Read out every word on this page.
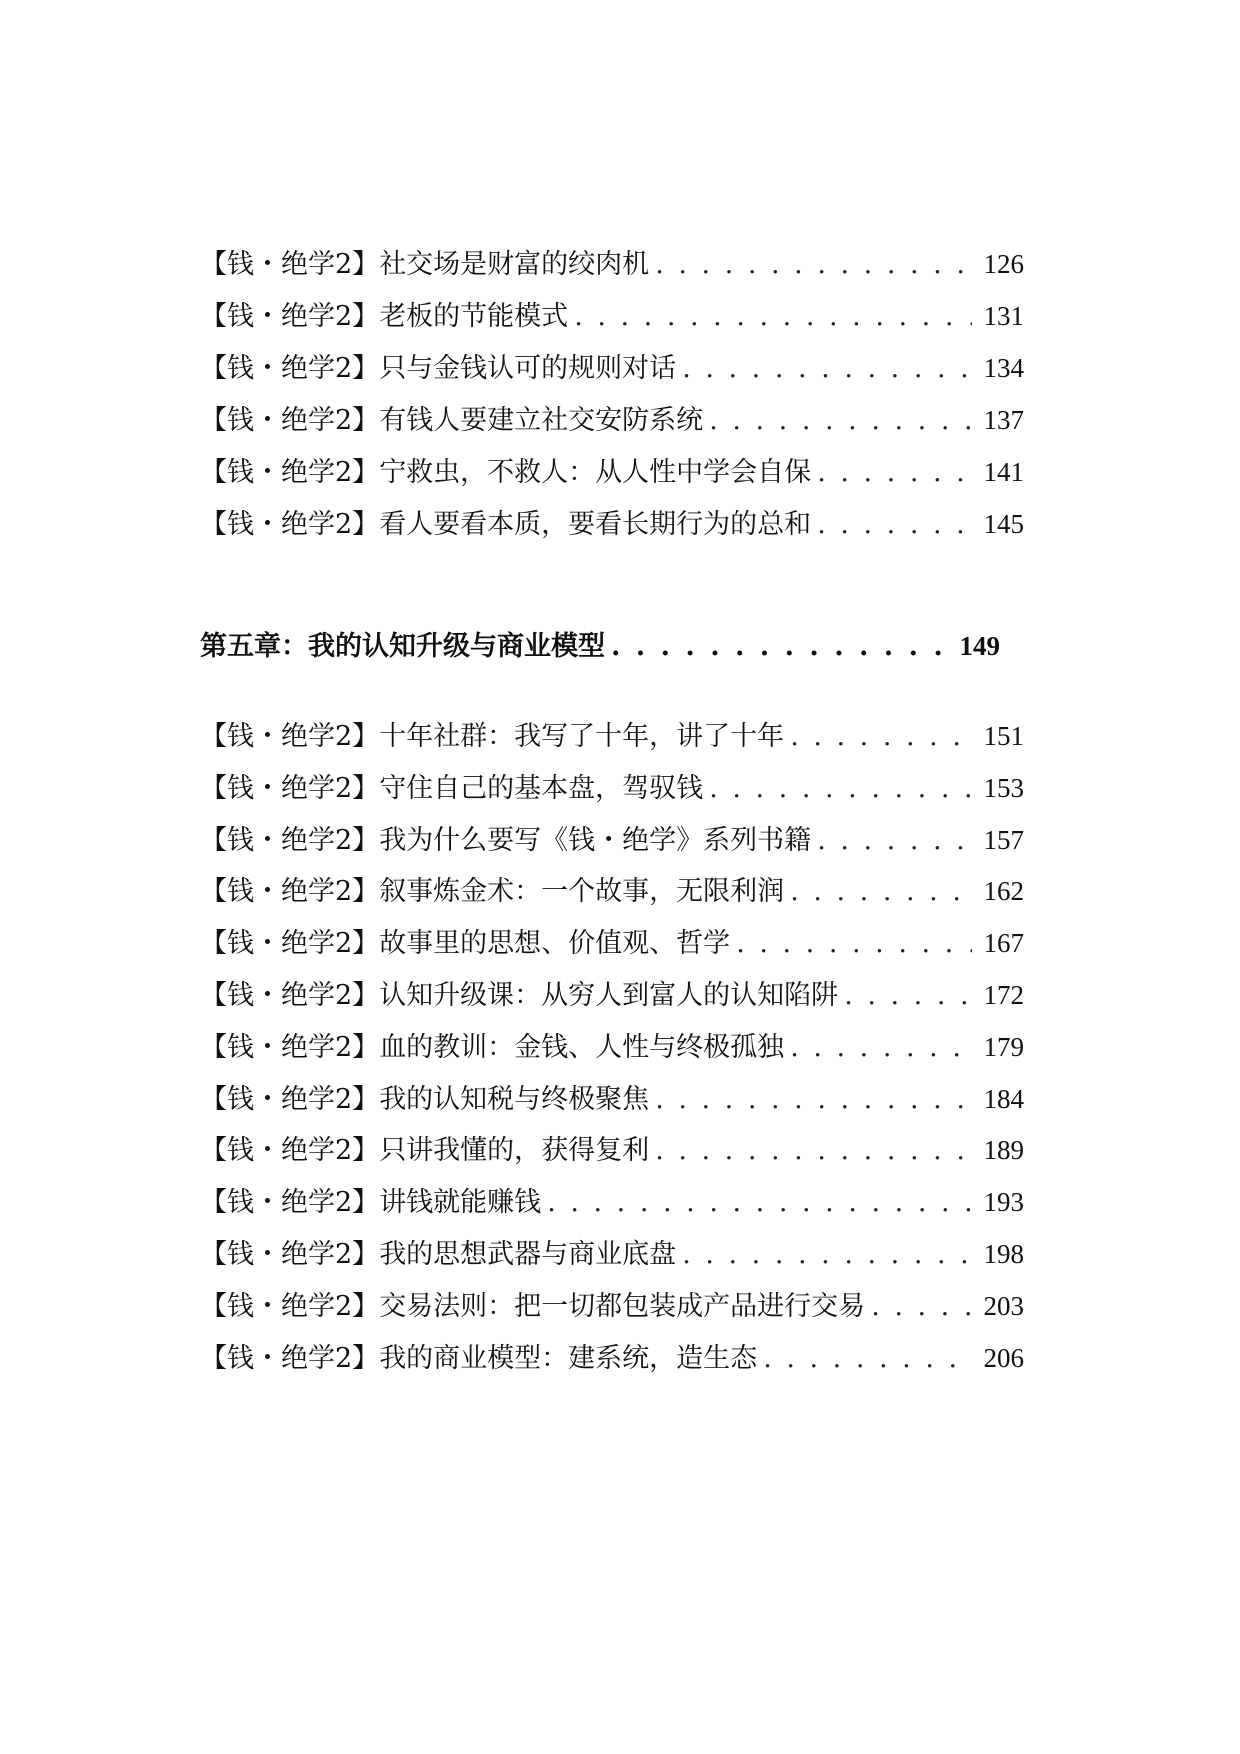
【钱・绝学2】社交场是财富的绞肉机 . . .	126
【钱・绝学2】老板的节能模式 . . .	131
【钱・绝学2】只与金钱认可的规则对话 . . .	134
【钱・绝学2】有钱人要建立社交安防系统 . . .	137
【钱・绝学2】宁救虫，不救人：从人性中学会自保 . . .	141
【钱・绝学2】看人要看本质，要看长期行为的总和 . . .	145
第五章：我的认知升级与商业模型 . . .	149
【钱・绝学2】十年社群：我写了十年，讲了十年 . . .	151
【钱・绝学2】守住自己的基本盘，驾驭钱 . . .	153
【钱・绝学2】我为什么要写《钱・绝学》系列书籍 . . .	157
【钱・绝学2】叙事炼金术：一个故事，无限利润 . . .	162
【钱・绝学2】故事里的思想、价值观、哲学 . . .	167
【钱・绝学2】认知升级课：从穷人到富人的认知陷阱 . . .	172
【钱・绝学2】血的教训：金钱、人性与终极孤独 . . .	179
【钱・绝学2】我的认知税与终极聚焦 . . .	184
【钱・绝学2】只讲我懂的，获得复利 . . .	189
【钱・绝学2】讲钱就能赚钱 . . .	193
【钱・绝学2】我的思想武器与商业底盘 . . .	198
【钱・绝学2】交易法则：把一切都包装成产品进行交易 . . .	203
【钱・绝学2】我的商业模型：建系统，造生态 . . .	206
